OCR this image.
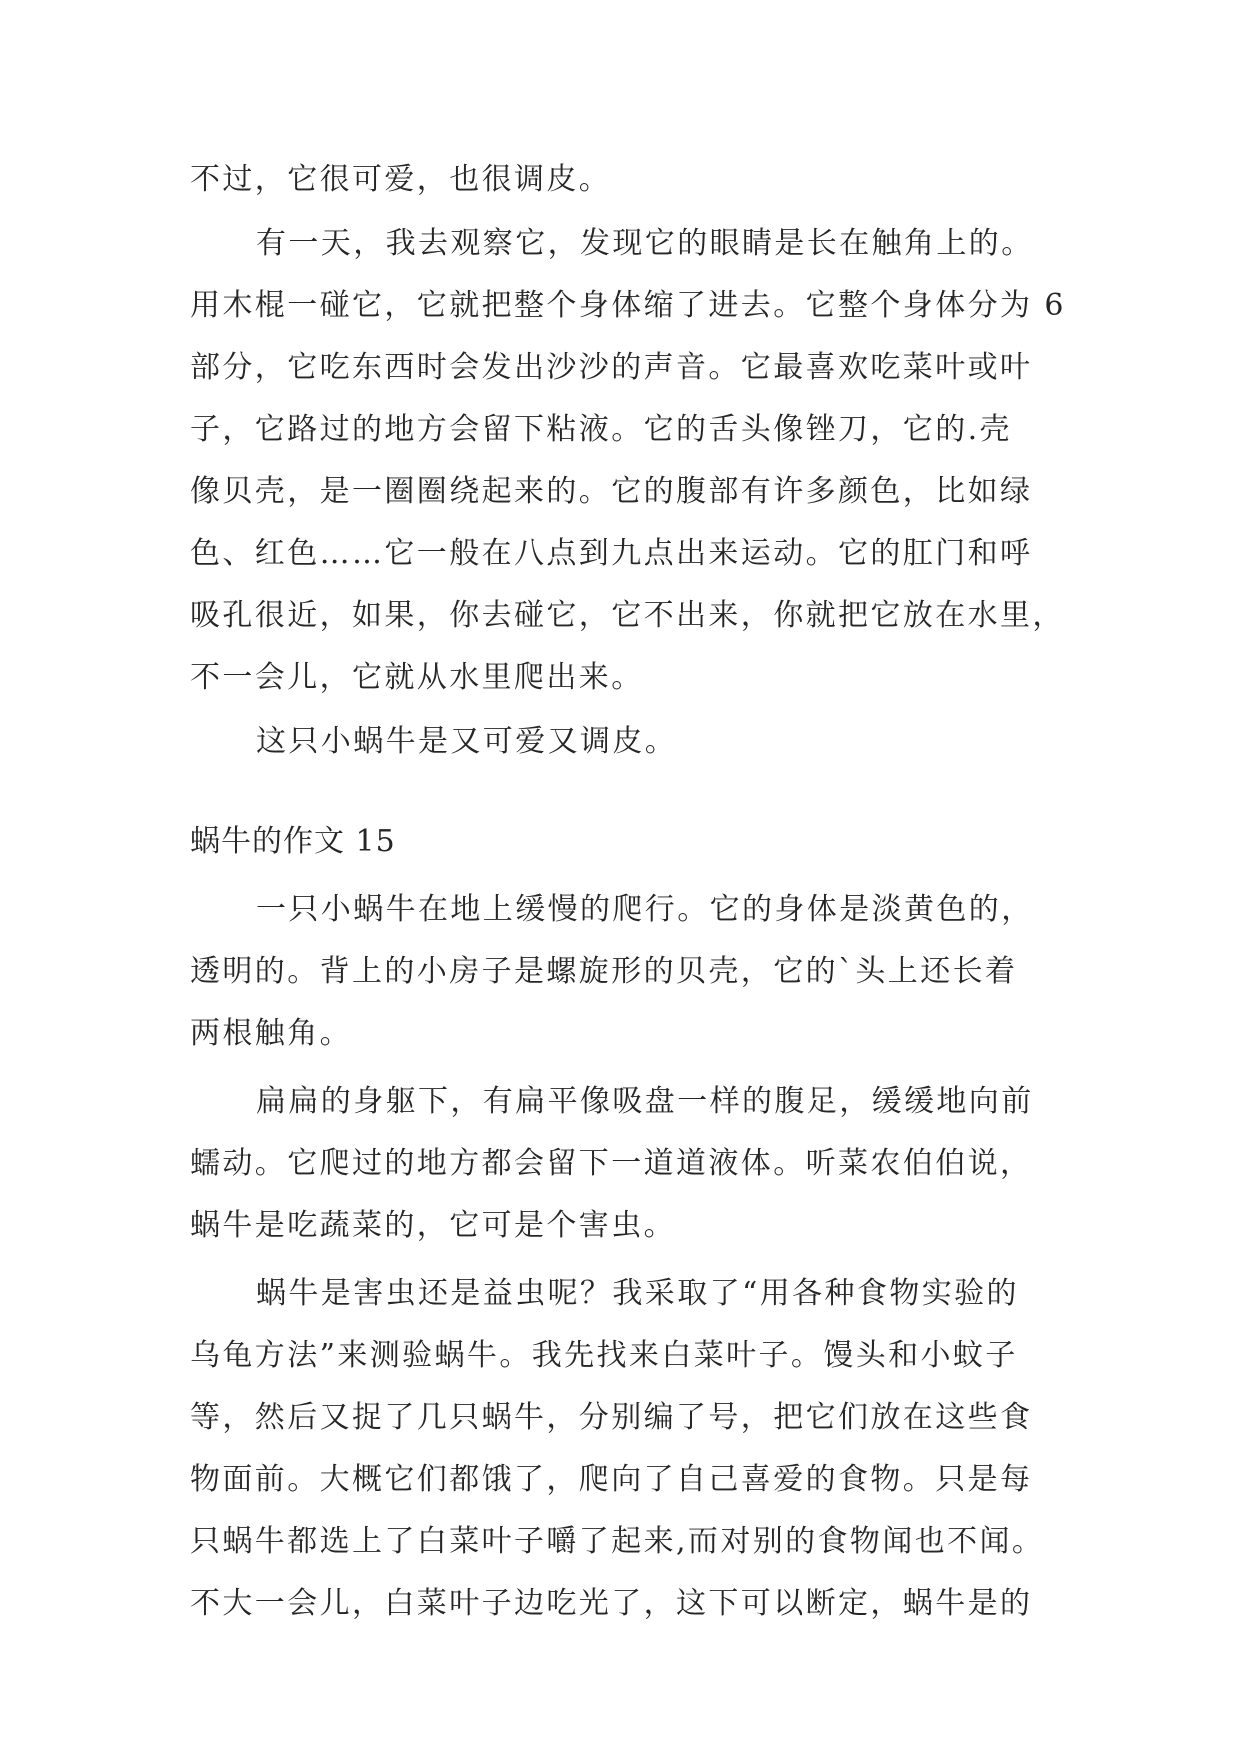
不过，它很可爱，也很调皮。
有一天，我去观察它，发现它的眼睛是长在触角上的。
用木棍一碰它，它就把整个身体缩了进去。它整个身体分为 6
部分，它吃东西时会发出沙沙的声音。它最喜欢吃菜叶或叶
子，它路过的地方会留下粘液。它的舌头像锉刀，它的.壳
像贝壳，是一圈圈绕起来的。它的腹部有许多颜色，比如绿
色、红色……它一般在八点到九点出来运动。它的肛门和呼
吸孔很近，如果，你去碰它，它不出来，你就把它放在水里，
不一会儿，它就从水里爬出来。
这只小蜗牛是又可爱又调皮。
蜗牛的作文 15
一只小蜗牛在地上缓慢的爬行。它的身体是淡黄色的，
透明的。背上的小房子是螺旋形的贝壳，它的`头上还长着
两根触角。
扁扁的身躯下，有扁平像吸盘一样的腹足，缓缓地向前
蠕动。它爬过的地方都会留下一道道液体。听菜农伯伯说，
蜗牛是吃蔬菜的，它可是个害虫。
蜗牛是害虫还是益虫呢？我采取了“用各种食物实验的
乌龟方法”来测验蜗牛。我先找来白菜叶子。馒头和小蚊子
等，然后又捉了几只蜗牛，分别编了号，把它们放在这些食
物面前。大概它们都饿了，爬向了自己喜爱的食物。只是每
只蜗牛都选上了白菜叶子嚼了起来,而对别的食物闻也不闻。
不大一会儿，白菜叶子边吃光了，这下可以断定，蜗牛是的
